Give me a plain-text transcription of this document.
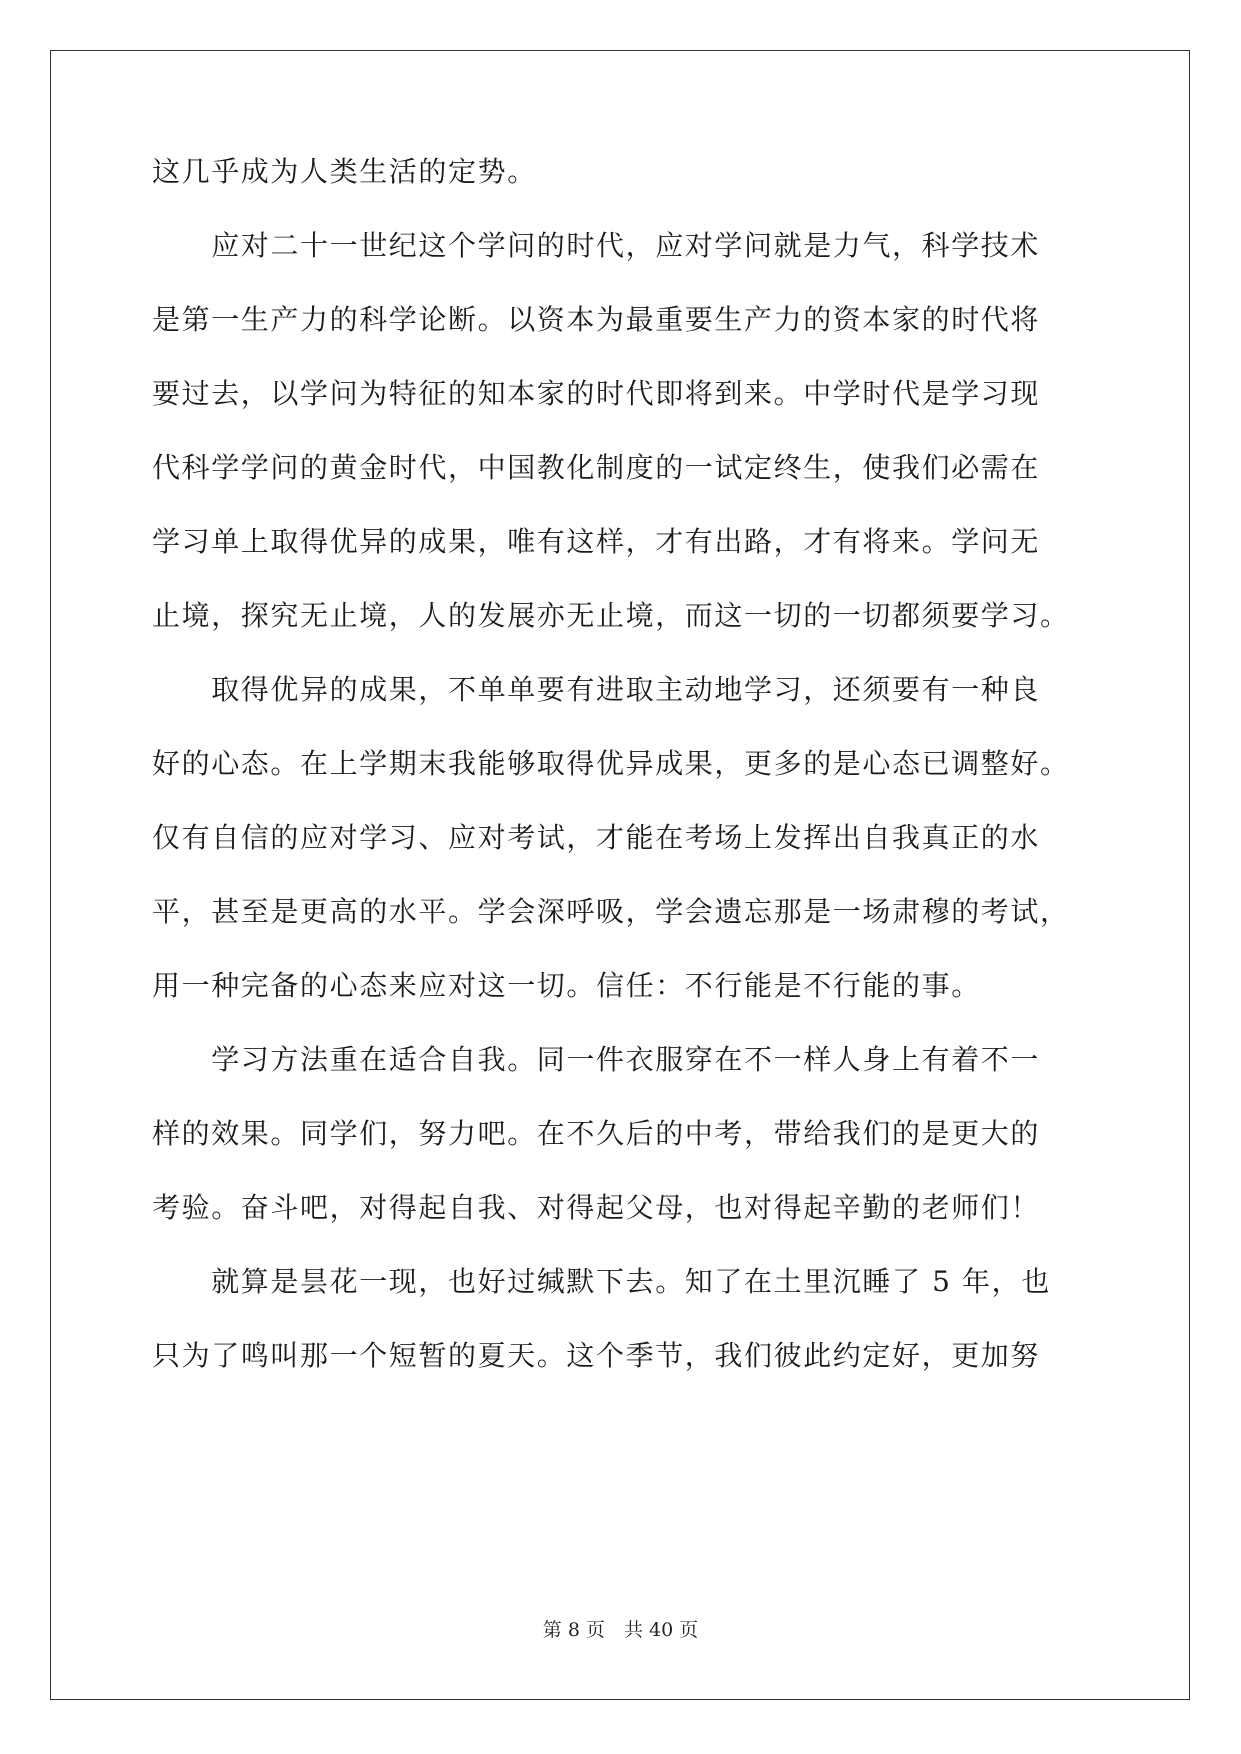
这几乎成为人类生活的定势。
　　应对二十一世纪这个学问的时代，应对学问就是力气，科学技术
是第一生产力的科学论断。以资本为最重要生产力的资本家的时代将
要过去，以学问为特征的知本家的时代即将到来。中学时代是学习现
代科学学问的黄金时代，中国教化制度的一试定终生，使我们必需在
学习单上取得优异的成果，唯有这样，才有出路，才有将来。学问无
止境，探究无止境，人的发展亦无止境，而这一切的一切都须要学习。
　　取得优异的成果，不单单要有进取主动地学习，还须要有一种良
好的心态。在上学期末我能够取得优异成果，更多的是心态已调整好。
仅有自信的应对学习、应对考试，才能在考场上发挥出自我真正的水
平，甚至是更高的水平。学会深呼吸，学会遗忘那是一场肃穆的考试，
用一种完备的心态来应对这一切。信任：不行能是不行能的事。
　　学习方法重在适合自我。同一件衣服穿在不一样人身上有着不一
样的效果。同学们，努力吧。在不久后的中考，带给我们的是更大的
考验。奋斗吧，对得起自我、对得起父母，也对得起辛勤的老师们！
　　就算是昙花一现，也好过缄默下去。知了在土里沉睡了 5 年，也
只为了鸣叫那一个短暂的夏天。这个季节，我们彼此约定好，更加努
第 8 页　共 40 页
